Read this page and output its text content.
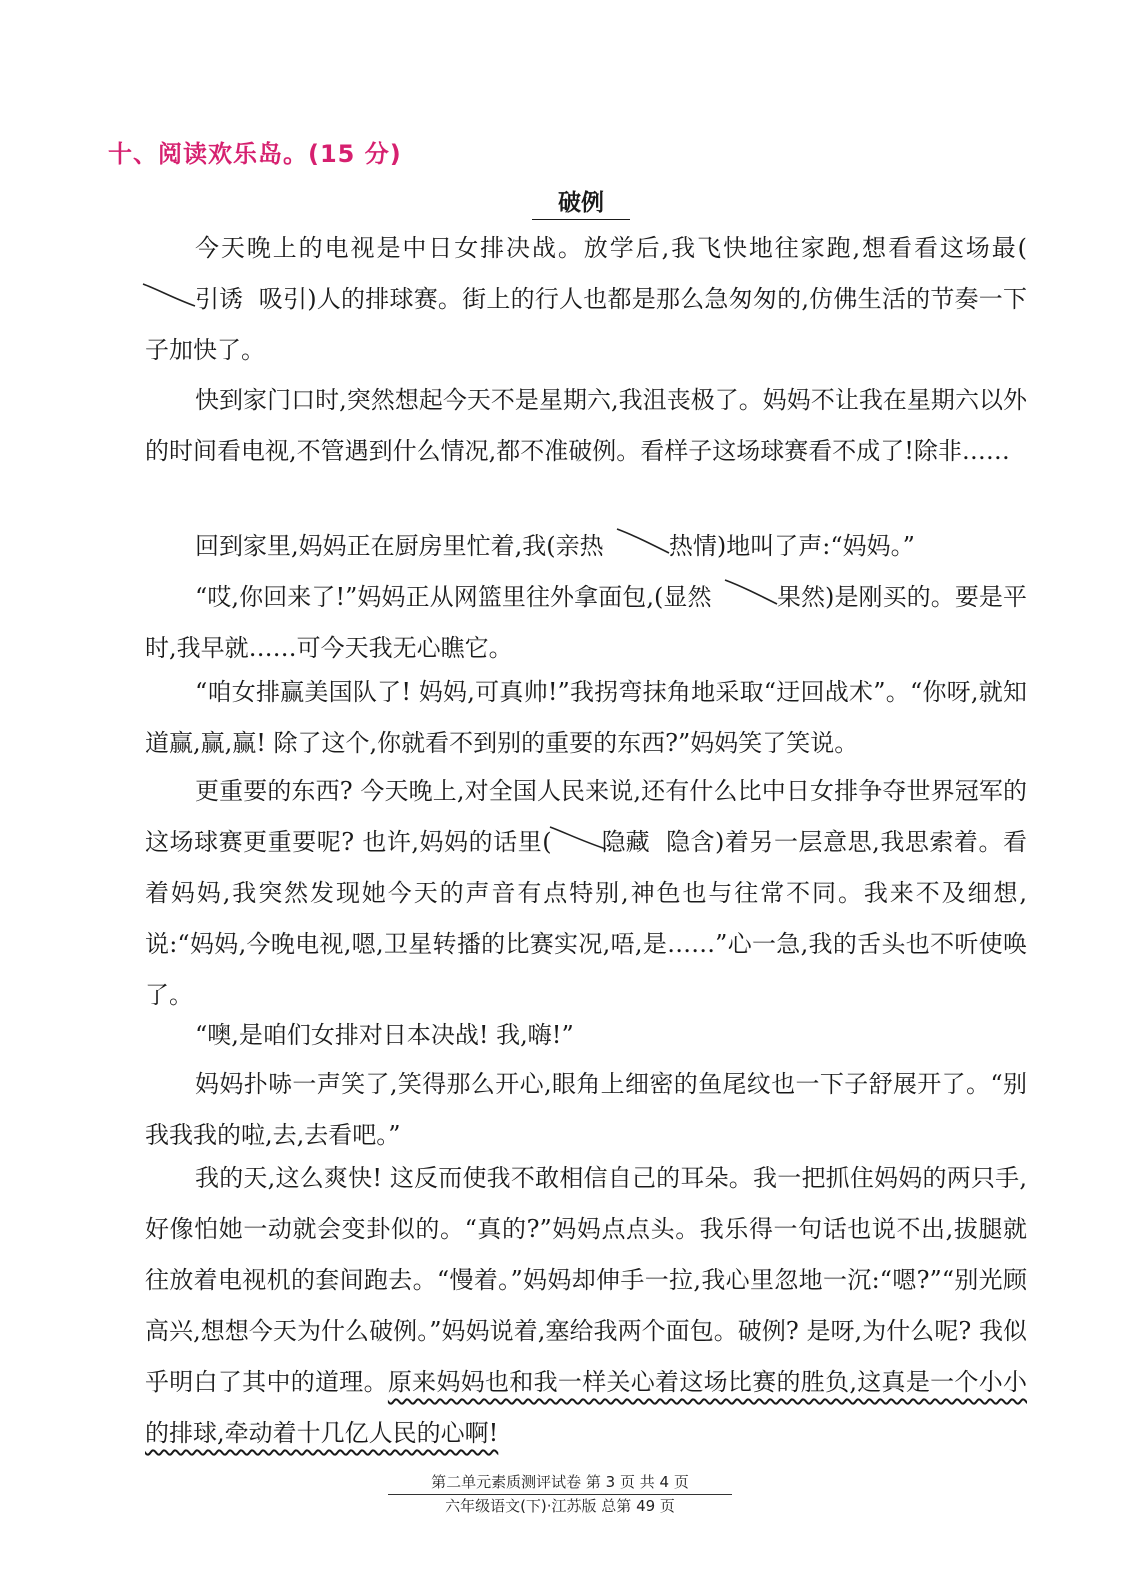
十、阅读欢乐岛。(15 分)
破例

今天晚上的电视是中日女排决战。放学后,我飞快地往家跑,想看看这场最(引诱 吸引)人的排球赛。街上的行人也都是那么急匆匆的,仿佛生活的节奏一下子加快了。

快到家门口时,突然想起今天不是星期六,我沮丧极了。妈妈不让我在星期六以外的时间看电视,不管遇到什么情况,都不准破例。看样子这场球赛看不成了!除非……

回到家里,妈妈正在厨房里忙着,我(亲热	热情
)地叫了声:“妈妈。”

“哎,你回来了!”妈妈正从网篮里往外拿面包,(显然	果然
)是刚买的。要是平时,我早就……可今天我无心瞧它。

“咱女排赢美国队了! 妈妈,可真帅!”我拐弯抹角地采取“迂回战术”。“你呀,就知道赢,赢,赢! 除了这个,你就看不到别的重要的东西?”妈妈笑了笑说。

更重要的东西? 今天晚上,对全国人民来说,还有什么比中日女排争夺世界冠军的这场球赛更重要呢? 也许,妈妈的话里( 隐藏 隐含)着另一层意思,我思索着。看着妈妈,我突然发现她今天的声音有点特别,神色也与往常不同。我来不及细想,说:“妈妈,今晚电视,嗯,卫星转播的比赛实况,唔,是……”心一急,我的舌头也不听使唤了。

“噢,是咱们女排对日本决战! 我,嗨!”

妈妈扑哧一声笑了,笑得那么开心,眼角上细密的鱼尾纹也一下子舒展开了。“别我我我的啦,去,去看吧。”

我的天,这么爽快! 这反而使我不敢相信自己的耳朵。我一把抓住妈妈的两只手,好像怕她一动就会变卦似的。“真的?”妈妈点点头。我乐得一句话也说不出,拔腿就往放着电视机的套间跑去。“慢着。”妈妈却伸手一拉,我心里忽地一沉:“嗯?”“别光顾高兴,想想今天为什么破例。”妈妈说着,塞给我两个面包。破例? 是呀,为什么呢? 我似乎明白了其中的道理。原来妈妈也和我一样关心着这场比赛的胜负,这真是一个小小的排球,牵动着十几亿人民的心啊!

第二单元素质测评试卷 第 3 页 共 4 页
六年级语文(下)·江苏版 总第 49 页
